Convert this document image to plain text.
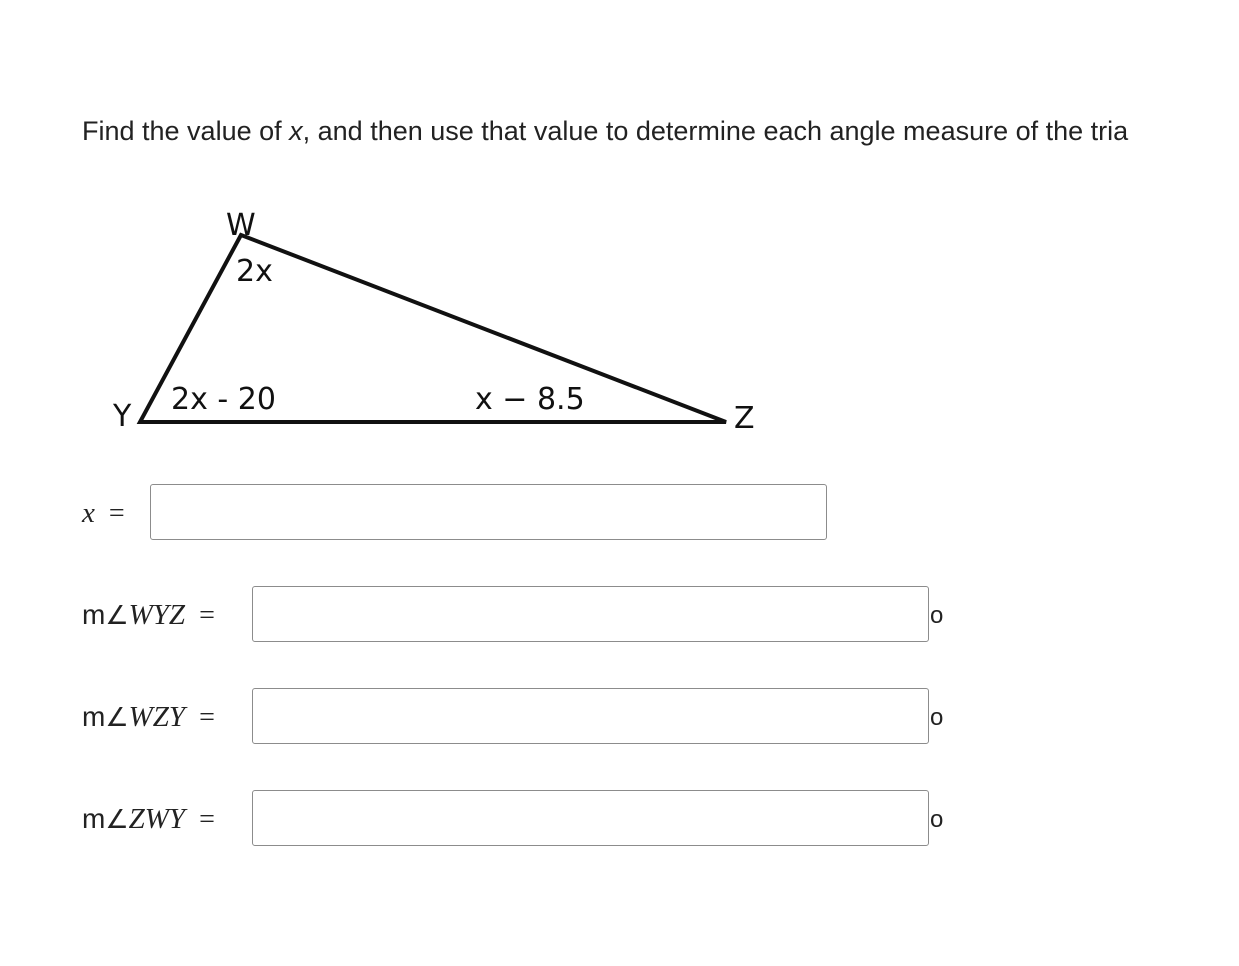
Find the value of x, and then use that value to determine each angle measure of the tria
W
Y	Z
2x
2x - 20	x − 8.5
x =
m∠WYZ =	o
m∠WZY =	o
m∠ZWY =	o
